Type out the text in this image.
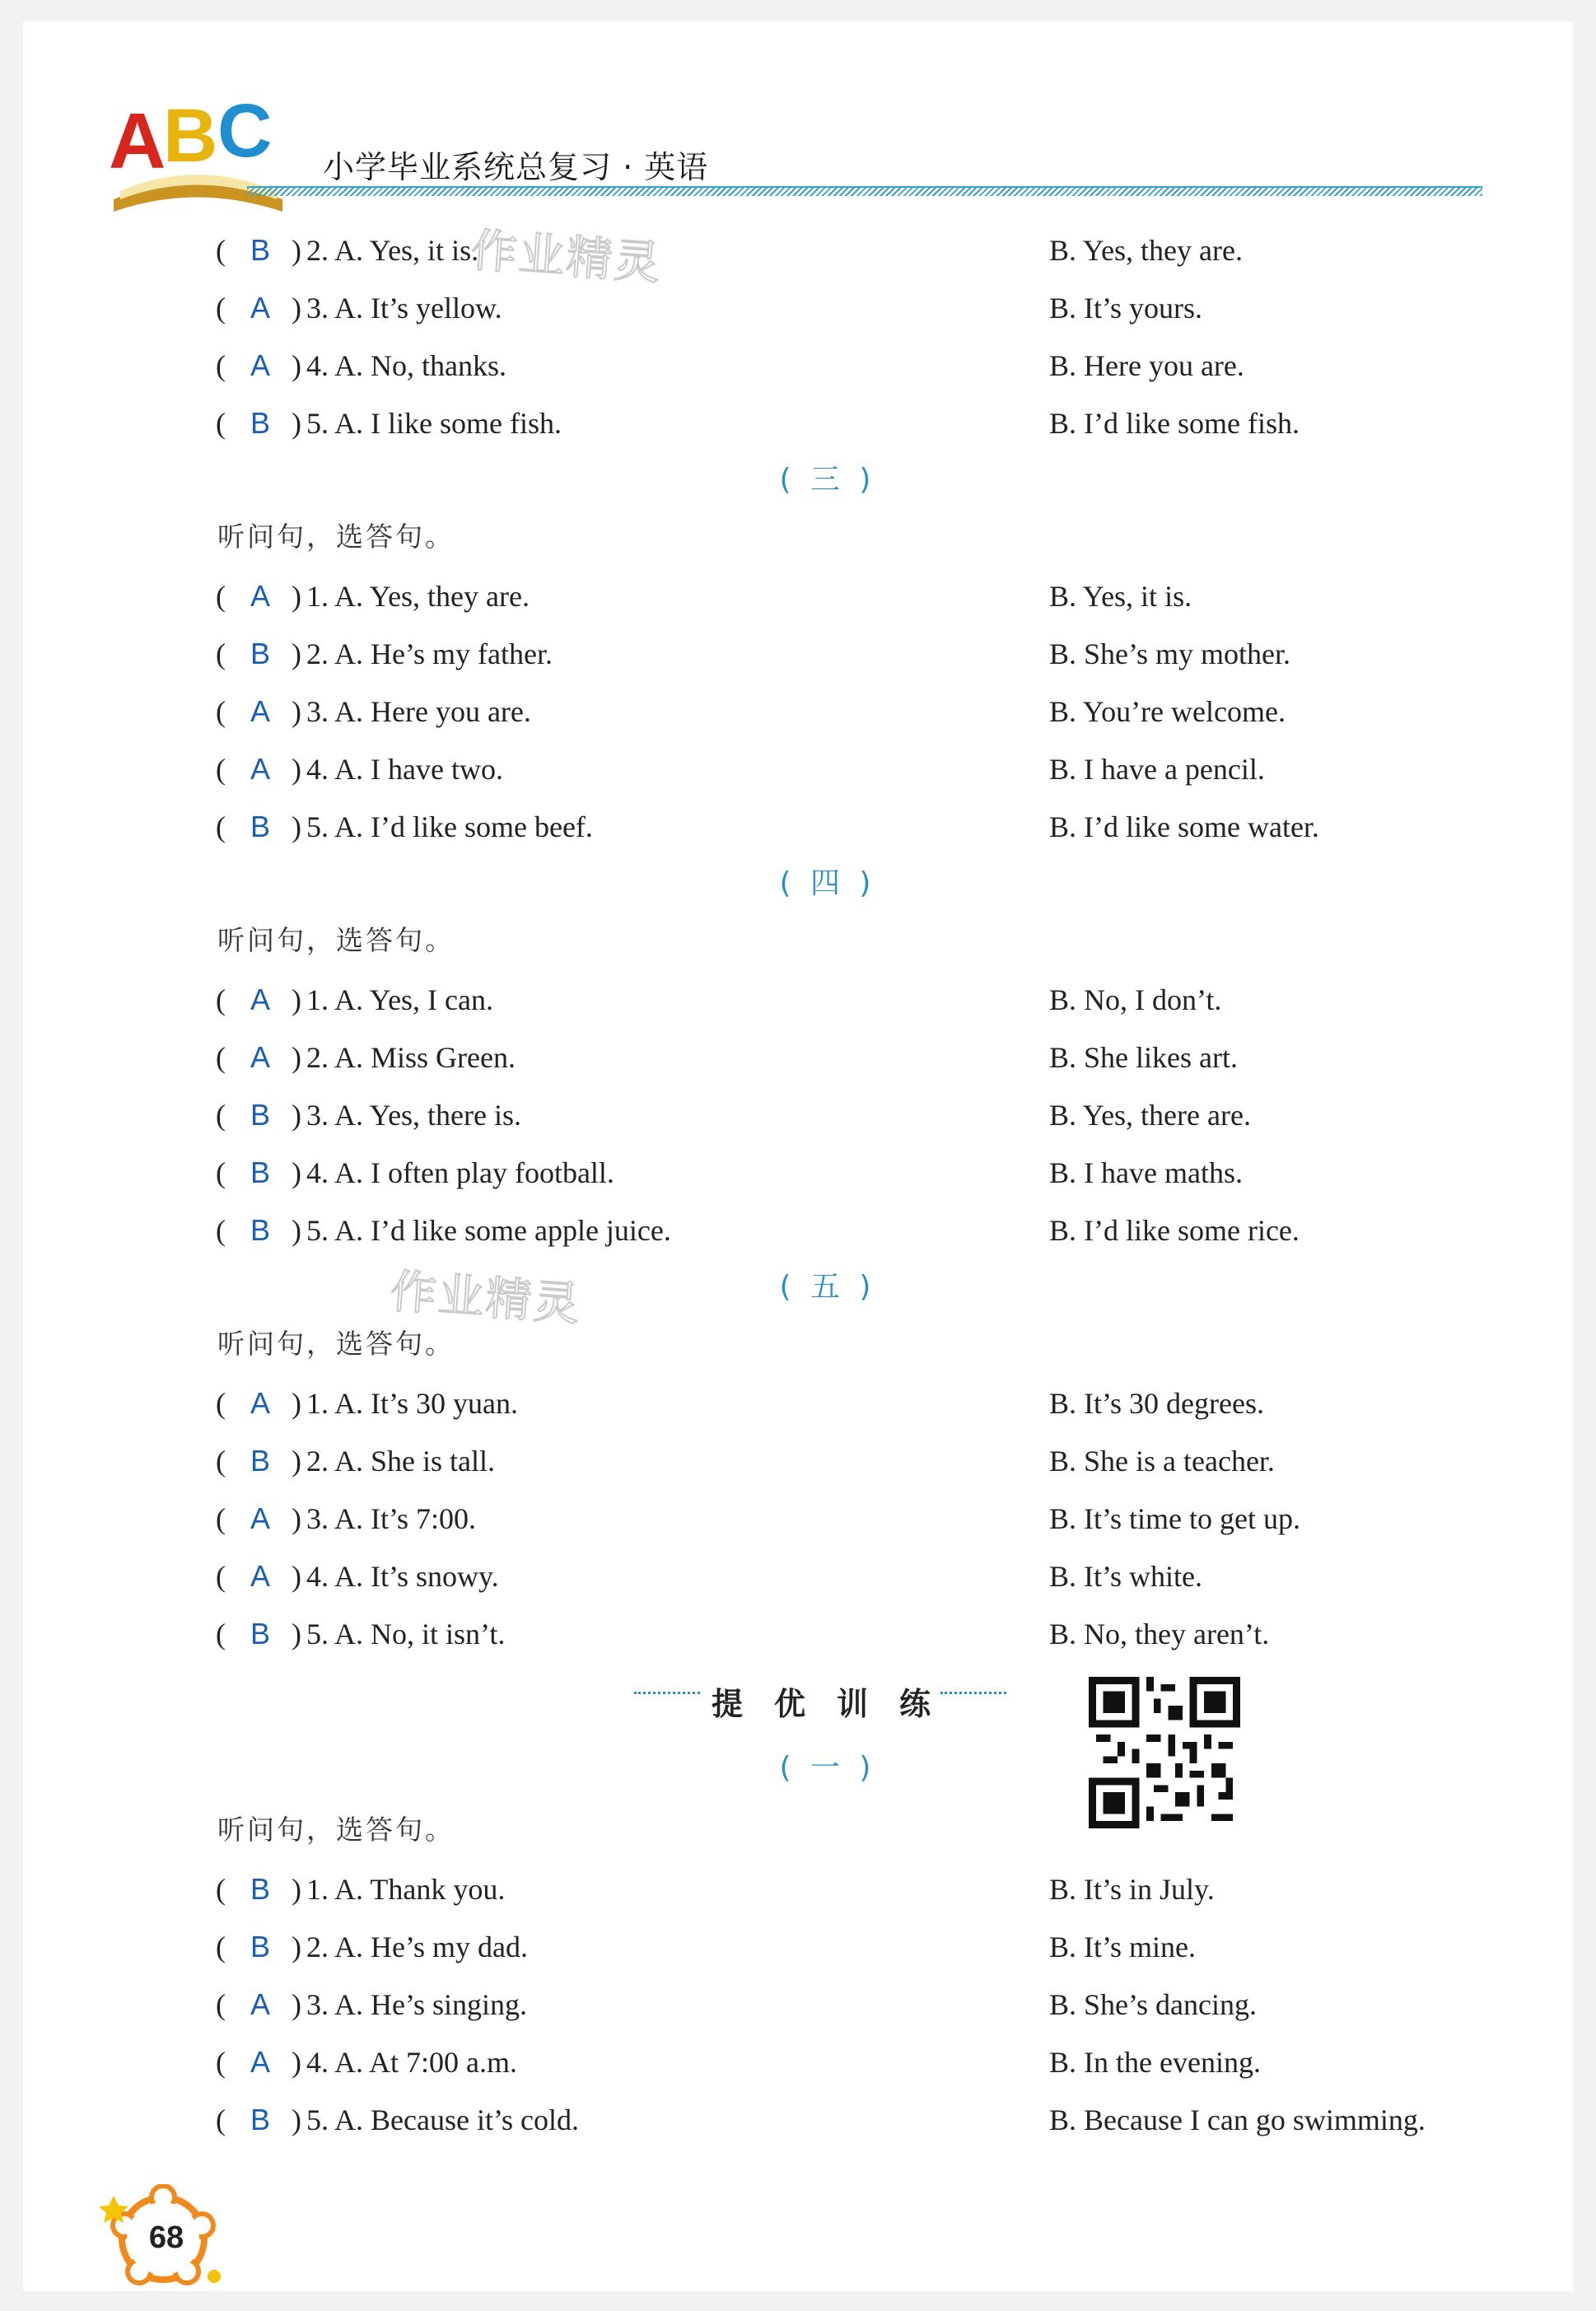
A
B C 小学毕业系统总复习 · 英语
( B ) 2. A. Yes, it is.	B. Yes, they are.
( A ) 3. A. It’s yellow.	B. It’s yours.
( A ) 4. A. No, thanks.	B. Here you are.
( B ) 5. A. I like some fish.	B. I’d like some fish.
( 三 )
听问句，选答句。
( A ) 1. A. Yes, they are.	B. Yes, it is.
( B ) 2. A. He’s my father.	B. She’s my mother.
( A ) 3. A. Here you are.	B. You’re welcome.
( A ) 4. A. I have two.	B. I have a pencil.
( B ) 5. A. I’d like some beef.	B. I’d like some water.
( 四 )
听问句，选答句。
( A ) 1. A. Yes, I can.	B. No, I don’t.
( A ) 2. A. Miss Green.	B. She likes art.
( B ) 3. A. Yes, there is.	B. Yes, there are.
( B ) 4. A. I often play football.	B. I have maths.
( B ) 5. A. I’d like some apple juice.	B. I’d like some rice.
( 五 )
听问句，选答句。
( A ) 1. A. It’s 30 yuan.	B. It’s 30 degrees.
( B ) 2. A. She is tall.	B. She is a teacher.
( A ) 3. A. It’s 7:00.	B. It’s time to get up.
( A ) 4. A. It’s snowy.	B. It’s white.
( B ) 5. A. No, it isn’t.	B. No, they aren’t.
提 优 训 练
( 一 )
听问句，选答句。
( B ) 1. A. Thank you.	B. It’s in July.
( B ) 2. A. He’s my dad.	B. It’s mine.
( A ) 3. A. He’s singing.	B. She’s dancing.
( A ) 4. A. At 7:00 a.m.	B. In the evening.
( B ) 5. A. Because it’s cold.	B. Because I can go swimming.
68
